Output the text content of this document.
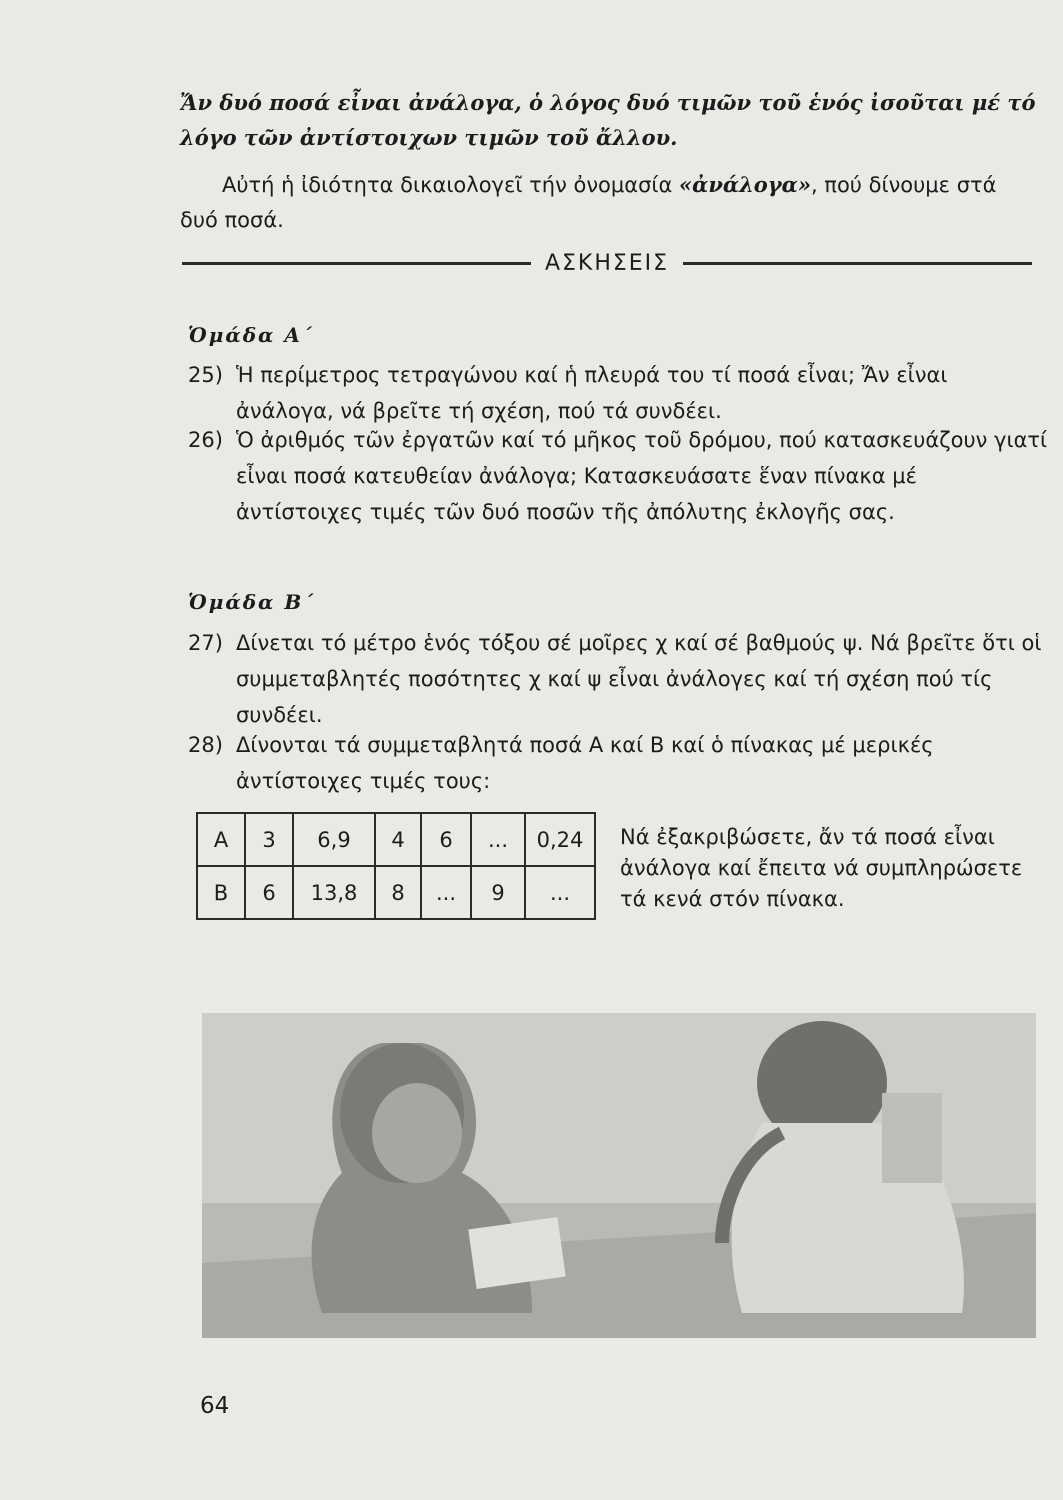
Ἄν δυό ποσά εἶναι ἀνάλογα, ὁ λόγος δυό τιμῶν τοῦ ἑνός ἰσοῦται μέ τό λόγο τῶν ἀντίστοιχων τιμῶν τοῦ ἄλλου.
Αὐτή ἡ ἰδιότητα δικαιολογεῖ τήν ὀνομασία «ἀνάλογα», πού δίνουμε στά δυό ποσά.
ΑΣΚΗΣΕΙΣ
Ὁμάδα Α΄
25) Ἡ περίμετρος τετραγώνου καί ἡ πλευρά του τί ποσά εἶναι; Ἄν εἶναι ἀνάλογα, νά βρεῖτε τή σχέση, πού τά συνδέει.
26) Ὁ ἀριθμός τῶν ἐργατῶν καί τό μῆκος τοῦ δρόμου, πού κατασκευάζουν γιατί εἶναι ποσά κατευθείαν ἀνάλογα; Κατασκευάσατε ἕναν πίνακα μέ ἀντίστοιχες τιμές τῶν δυό ποσῶν τῆς ἀπόλυτης ἐκλογῆς σας.
Ὁμάδα Β΄
27) Δίνεται τό μέτρο ἑνός τόξου σέ μοῖρες χ καί σέ βαθμούς ψ. Νά βρεῖτε ὅτι οἱ συμμεταβλητές ποσότητες χ καί ψ εἶναι ἀνάλογες καί τή σχέση πού τίς συνδέει.
28) Δίνονται τά συμμεταβλητά ποσά Α καί Β καί ὁ πίνακας μέ μερικές ἀντίστοιχες τιμές τους:
Α	3	6,9	4	6	...	0,24
Β	6	13,8	8	...	9	...
Νά ἐξακριβώσετε, ἄν τά ποσά εἶναι ἀνάλογα καί ἔπειτα νά συμπληρώσετε τά κενά στόν πίνακα.
64
